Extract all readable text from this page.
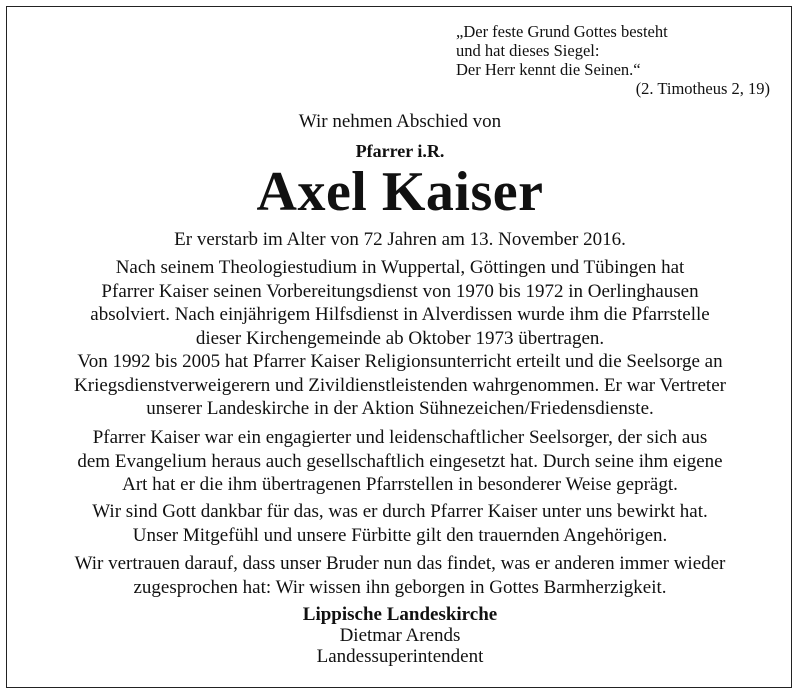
„Der feste Grund Gottes besteht
und hat dieses Siegel:
Der Herr kennt die Seinen.“
(2. Timotheus 2, 19)
Wir nehmen Abschied von
Pfarrer i.R.
Axel Kaiser
Er verstarb im Alter von 72 Jahren am 13. November 2016.
Nach seinem Theologiestudium in Wuppertal, Göttingen und Tübingen hat
Pfarrer Kaiser seinen Vorbereitungsdienst von 1970 bis 1972 in Oerlinghausen
absolviert. Nach einjährigem Hilfsdienst in Alverdissen wurde ihm die Pfarrstelle
dieser Kirchengemeinde ab Oktober 1973 übertragen.
Von 1992 bis 2005 hat Pfarrer Kaiser Religionsunterricht erteilt und die Seelsorge an
Kriegsdienstverweigerern und Zivildienstleistenden wahrgenommen. Er war Vertreter
unserer Landeskirche in der Aktion Sühnezeichen/Friedensdienste.
Pfarrer Kaiser war ein engagierter und leidenschaftlicher Seelsorger, der sich aus
dem Evangelium heraus auch gesellschaftlich eingesetzt hat. Durch seine ihm eigene
Art hat er die ihm übertragenen Pfarrstellen in besonderer Weise geprägt.
Wir sind Gott dankbar für das, was er durch Pfarrer Kaiser unter uns bewirkt hat.
Unser Mitgefühl und unsere Fürbitte gilt den trauernden Angehörigen.
Wir vertrauen darauf, dass unser Bruder nun das findet, was er anderen immer wieder
zugesprochen hat: Wir wissen ihn geborgen in Gottes Barmherzigkeit.
Lippische Landeskirche
Dietmar Arends
Landessuperintendent
